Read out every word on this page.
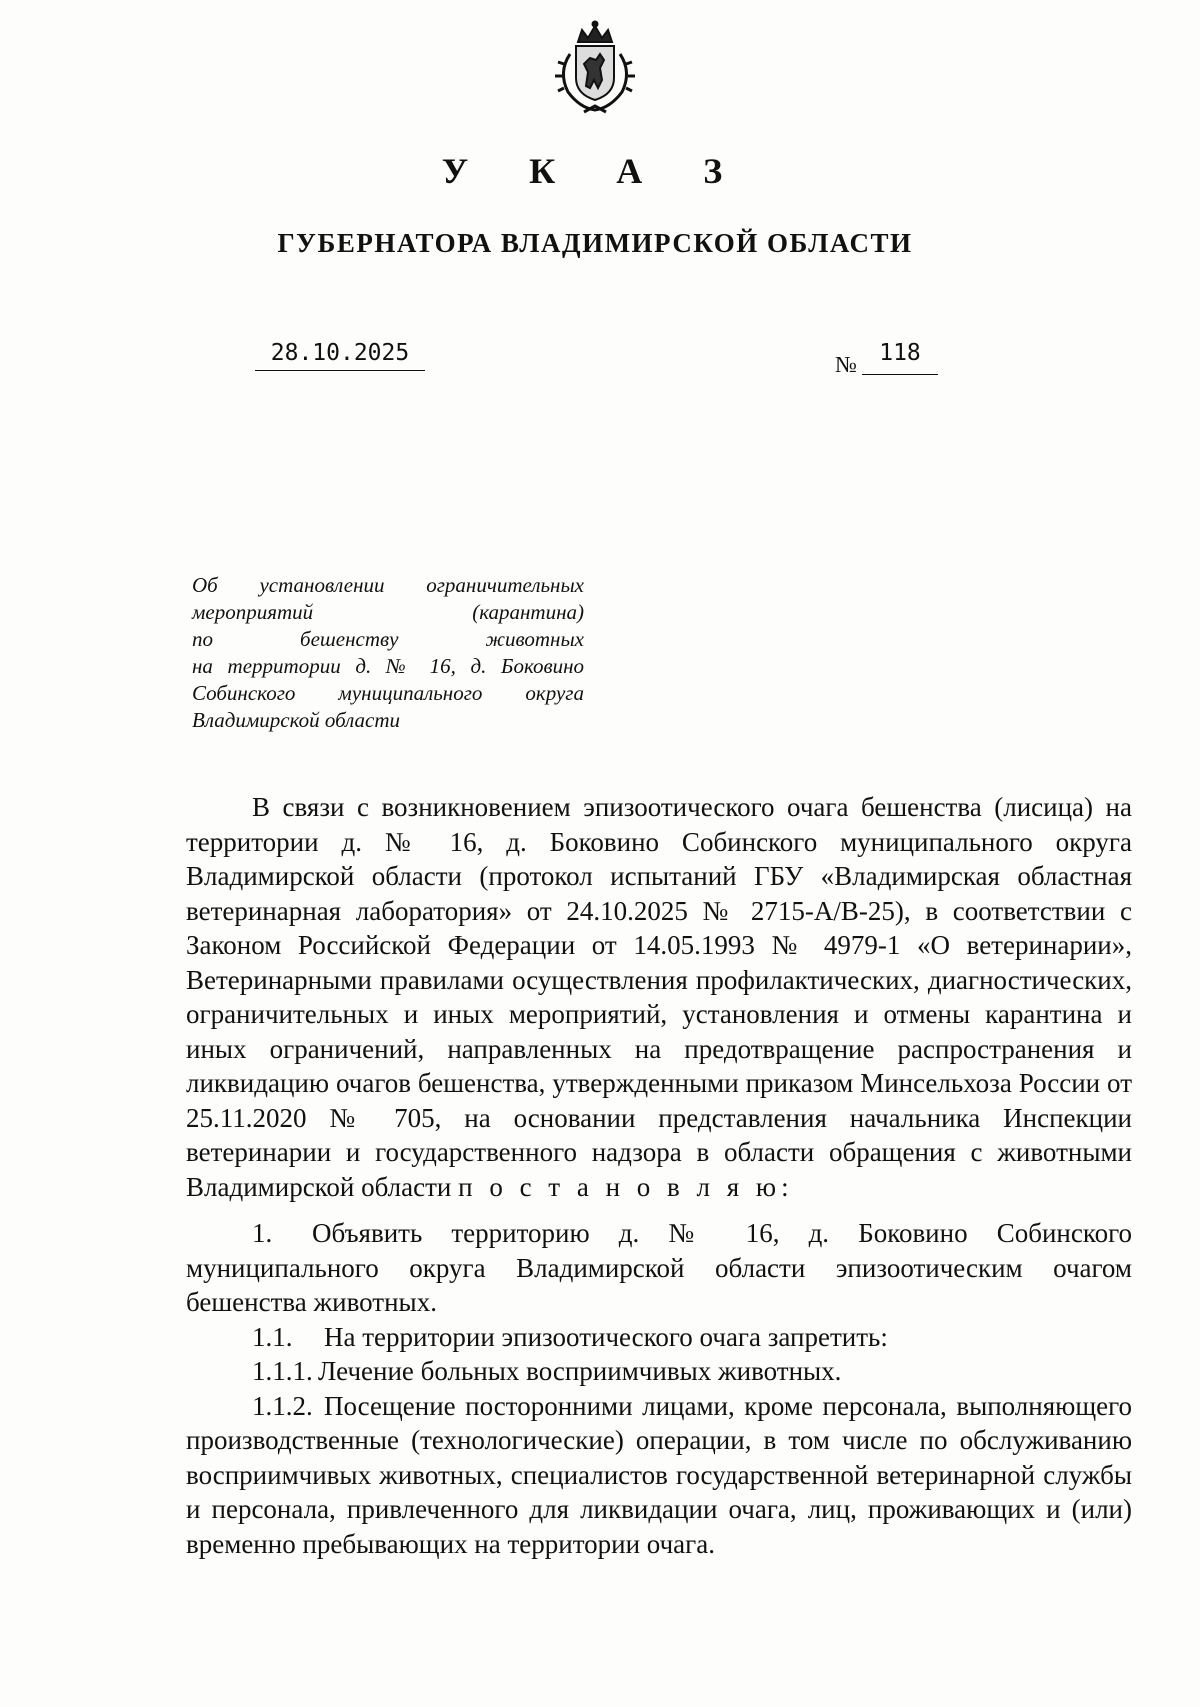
У К А З
ГУБЕРНАТОРА ВЛАДИМИРСКОЙ ОБЛАСТИ
28.10.2025	№ 118
Об установлении ограничительных
мероприятий (карантина)
по бешенству животных
на территории д. № 16, д. Боковино
Собинского муниципального округа
Владимирской области

В связи с возникновением эпизоотического очага бешенства (лисица) на территории д. № 16, д. Боковино Собинского муниципального округа Владимирской области (протокол испытаний ГБУ «Владимирская областная ветеринарная лаборатория» от 24.10.2025 № 2715-А/В-25), в соответствии с Законом Российской Федерации от 14.05.1993 № 4979-1 «О ветеринарии», Ветеринарными правилами осуществления профилактических, диагностических, ограничительных и иных мероприятий, установления и отмены карантина и иных ограничений, направленных на предотвращение распространения и ликвидацию очагов бешенства, утвержденными приказом Минсельхоза России от 25.11.2020 № 705, на основании представления начальника Инспекции ветеринарии и государственного надзора в области обращения с животными Владимирской области п о с т а н о в л я ю:

1. Объявить территорию д. № 16, д. Боковино Собинского муниципального округа Владимирской области эпизоотическим очагом бешенства животных.

1.1. На территории эпизоотического очага запретить:

1.1.1. Лечение больных восприимчивых животных.

1.1.2. Посещение посторонними лицами, кроме персонала, выполняющего производственные (технологические) операции, в том числе по обслуживанию восприимчивых животных, специалистов государственной ветеринарной службы и персонала, привлеченного для ликвидации очага, лиц, проживающих и (или) временно пребывающих на территории очага.
